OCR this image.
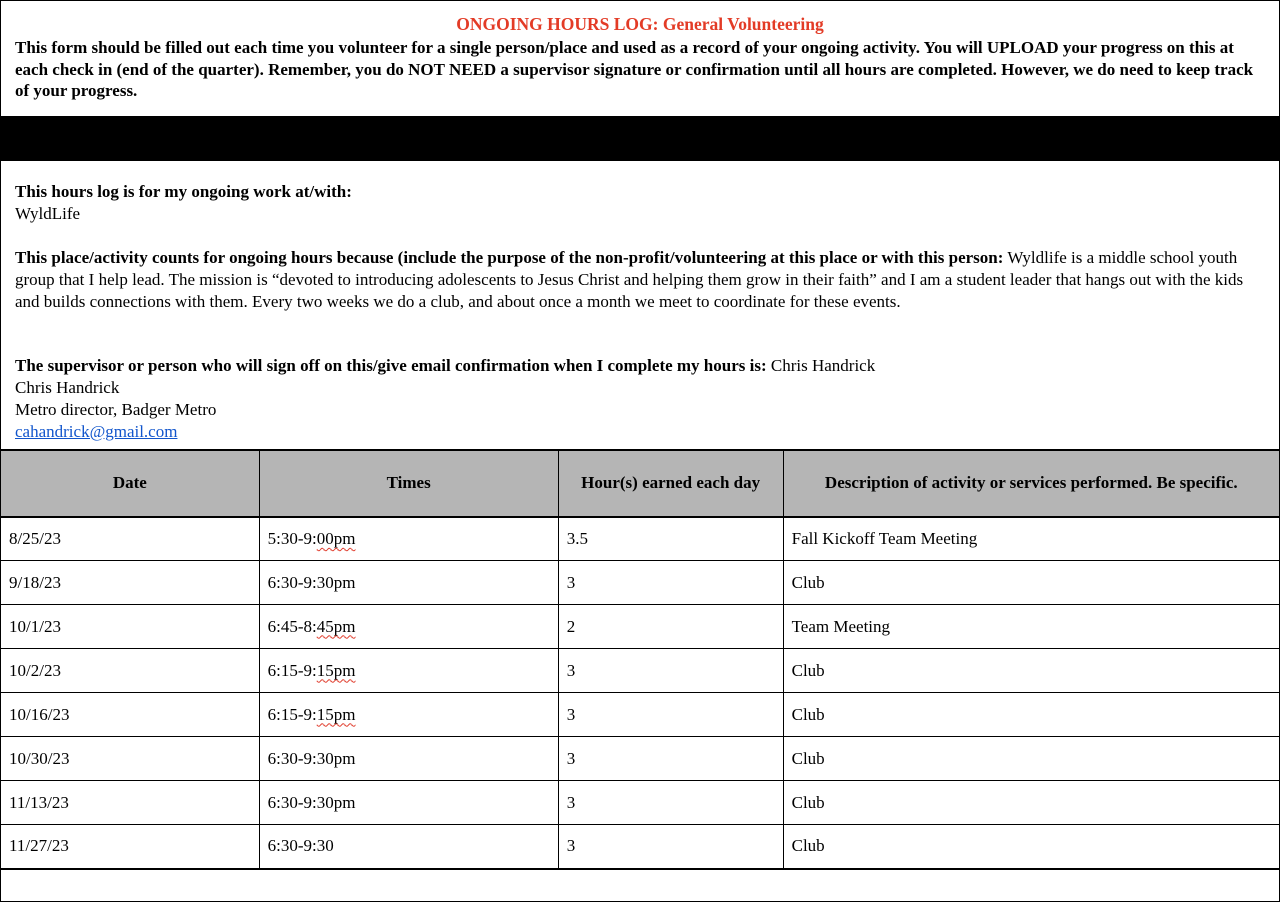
ONGOING HOURS LOG: General Volunteering
This form should be filled out each time you volunteer for a single person/place and used as a record of your ongoing activity. You will UPLOAD your progress on this at each check in (end of the quarter). Remember, you do NOT NEED a supervisor signature or confirmation until all hours are completed. However, we do need to keep track of your progress.
This hours log is for my ongoing work at/with:
WyldLife
This place/activity counts for ongoing hours because (include the purpose of the non-profit/volunteering at this place or with this person: Wyldlife is a middle school youth group that I help lead. The mission is “devoted to introducing adolescents to Jesus Christ and helping them grow in their faith” and I am a student leader that hangs out with the kids and builds connections with them. Every two weeks we do a club, and about once a month we meet to coordinate for these events.
The supervisor or person who will sign off on this/give email confirmation when I complete my hours is: Chris Handrick
Chris Handrick
Metro director, Badger Metro
cahandrick@gmail.com
Date	Times	Hour(s) earned each day	Description of activity or services performed. Be specific.
8/25/23	5:30-9:00pm	3.5	Fall Kickoff Team Meeting
9/18/23	6:30-9:30pm	3	Club
10/1/23	6:45-8:45pm	2	Team Meeting
10/2/23	6:15-9:15pm	3	Club
10/16/23	6:15-9:15pm	3	Club
10/30/23	6:30-9:30pm	3	Club
11/13/23	6:30-9:30pm	3	Club
11/27/23	6:30-9:30	3	Club
